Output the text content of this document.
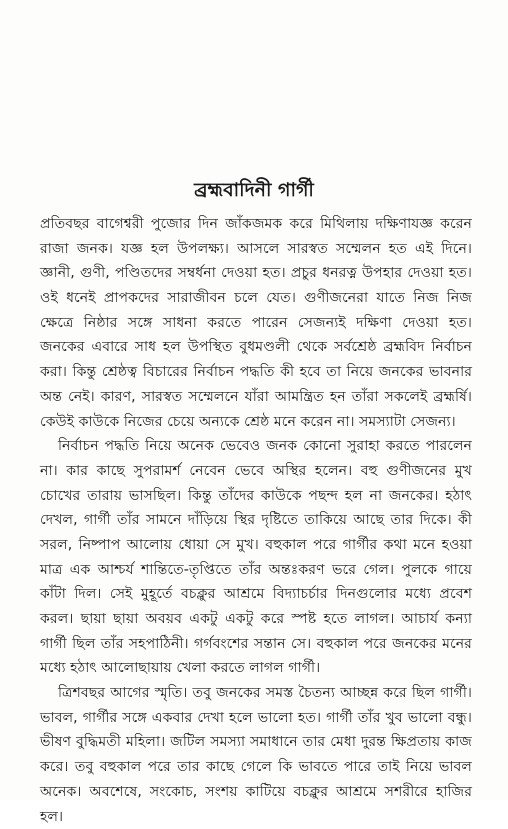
ব্রহ্মবাদিনী গার্গী
প্রতিবছর বাগেশ্বরী পুজোর দিন জাঁকজমক করে মিথিলায় দক্ষিণাযজ্ঞ করেন
রাজা জনক। যজ্ঞ হল উপলক্ষ্য। আসলে সারস্বত সম্মেলন হত এই দিনে।
জ্ঞানী, গুণী, পণ্ডিতদের সম্বর্ধনা দেওয়া হত। প্রচুর ধনরত্ন উপহার দেওয়া হত।
ওই ধনেই প্রাপকদের সারাজীবন চলে যেত। গুণীজনেরা যাতে নিজ নিজ
ক্ষেত্রে নিষ্ঠার সঙ্গে সাধনা করতে পারেন সেজন্যই দক্ষিণা দেওয়া হত।
জনকের এবারে সাধ হল উপস্থিত বুধমণ্ডলী থেকে সর্বশ্রেষ্ঠ ব্রহ্মবিদ নির্বাচন
করা। কিন্তু শ্রেষ্ঠত্ব বিচারের নির্বাচন পদ্ধতি কী হবে তা নিয়ে জনকের ভাবনার
অন্ত নেই। কারণ, সারস্বত সম্মেলনে যাঁরা আমন্ত্রিত হন তাঁরা সকলেই ব্রহ্মর্ষি।
কেউই কাউকে নিজের চেয়ে অন্যকে শ্রেষ্ঠ মনে করেন না। সমস্যাটা সেজন্য।
নির্বাচন পদ্ধতি নিয়ে অনেক ভেবেও জনক কোনো সুরাহা করতে পারলেন
না। কার কাছে সুপরামর্শ নেবেন ভেবে অস্থির হলেন। বহু গুণীজনের মুখ
চোখের তারায় ভাসছিল। কিন্তু তাঁদের কাউকে পছন্দ হল না জনকের। হঠাৎ
দেখল, গার্গী তাঁর সামনে দাঁড়িয়ে স্থির দৃষ্টিতে তাকিয়ে আছে তার দিকে। কী
সরল, নিষ্পাপ আলোয় ধোয়া সে মুখ। বহুকাল পরে গার্গীর কথা মনে হওয়া
মাত্র এক আশ্চর্য শান্তিতে-তৃপ্তিতে তাঁর অন্তঃকরণ ভরে গেল। পুলকে গায়ে
কাঁটা দিল। সেই মুহূর্তে বচক্লুর আশ্রমে বিদ্যাচর্চার দিনগুলোর মধ্যে প্রবেশ
করল। ছায়া ছায়া অবয়ব একটু একটু করে স্পষ্ট হতে লাগল। আচার্য কন্যা
গার্গী ছিল তাঁর সহপাঠিনী। গর্গবংশের সন্তান সে। বহুকাল পরে জনকের মনের
মধ্যে হঠাৎ আলোছায়ায় খেলা করতে লাগল গার্গী।
ত্রিশবছর আগের স্মৃতি। তবু জনকের সমস্ত চৈতন্য আচ্ছন্ন করে ছিল গার্গী।
ভাবল, গার্গীর সঙ্গে একবার দেখা হলে ভালো হত। গার্গী তাঁর খুব ভালো বন্ধু।
ভীষণ বুদ্ধিমতী মহিলা। জটিল সমস্যা সমাধানে তার মেধা দুরন্ত ক্ষিপ্রতায় কাজ
করে। তবু বহুকাল পরে তার কাছে গেলে কি ভাবতে পারে তাই নিয়ে ভাবল
অনেক। অবশেষে, সংকোচ, সংশয় কাটিয়ে বচক্লুর আশ্রমে সশরীরে হাজির
হল।
